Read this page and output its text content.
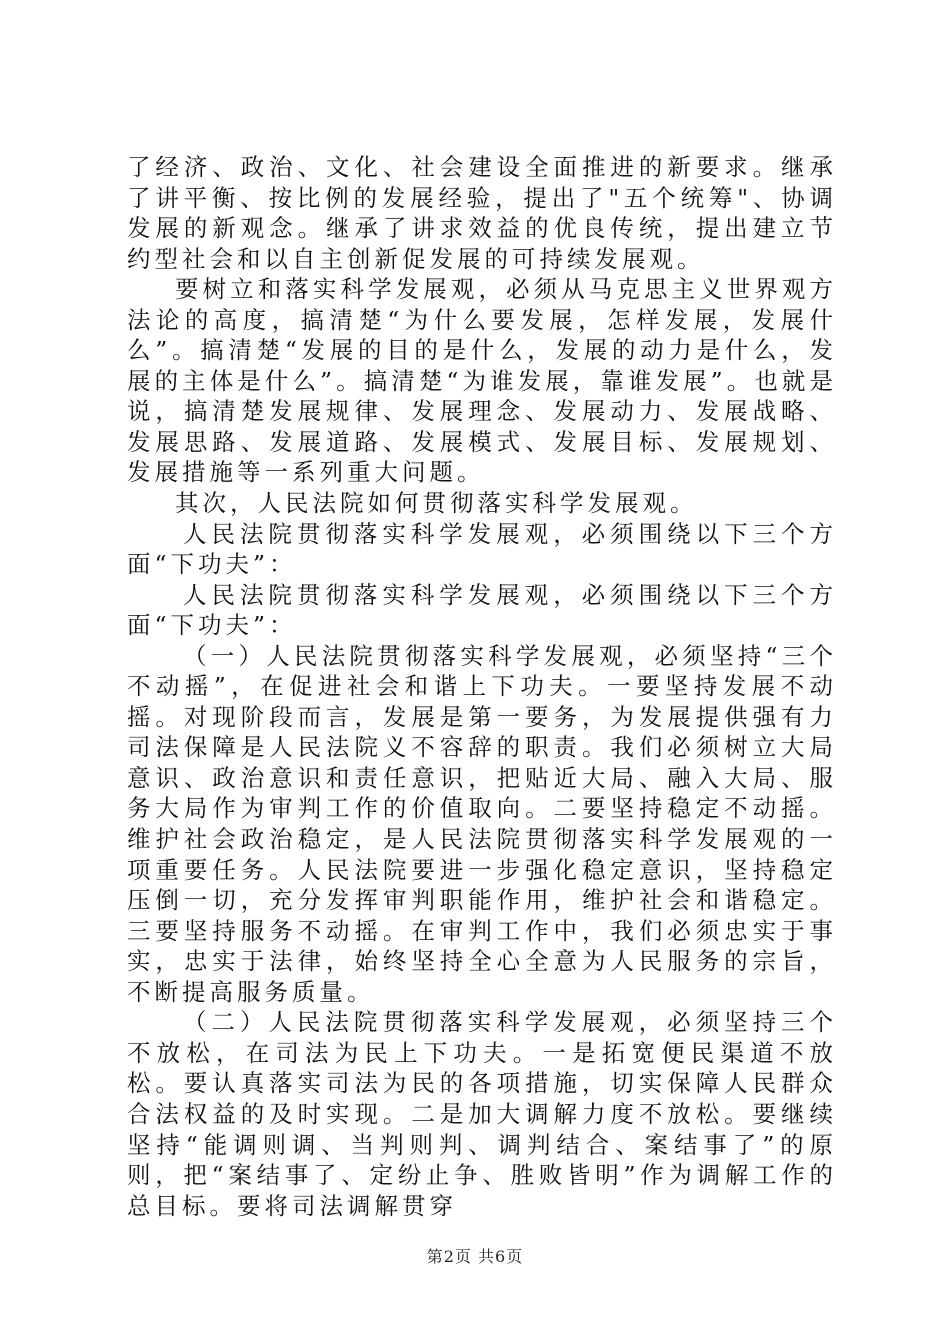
了经济、政治、文化、社会建设全面推进的新要求。继承了讲平衡、按比例的发展经验，提出了"五个统筹"、协调发展的新观念。继承了讲求效益的优良传统，提出建立节约型社会和以自主创新促发展的可持续发展观。

要树立和落实科学发展观，必须从马克思主义世界观方法论的高度，搞清楚“为什么要发展，怎样发展，发展什么”。搞清楚“发展的目的是什么，发展的动力是什么，发展的主体是什么”。搞清楚“为谁发展，靠谁发展”。也就是说，搞清楚发展规律、发展理念、发展动力、发展战略、发展思路、发展道路、发展模式、发展目标、发展规划、发展措施等一系列重大问题。

其次，人民法院如何贯彻落实科学发展观。

人民法院贯彻落实科学发展观，必须围绕以下三个方面“下功夫”：

人民法院贯彻落实科学发展观，必须围绕以下三个方面“下功夫”：

（一）人民法院贯彻落实科学发展观，必须坚持“三个不动摇”，在促进社会和谐上下功夫。一要坚持发展不动摇。对现阶段而言，发展是第一要务，为发展提供强有力司法保障是人民法院义不容辞的职责。我们必须树立大局意识、政治意识和责任意识，把贴近大局、融入大局、服务大局作为审判工作的价值取向。二要坚持稳定不动摇。维护社会政治稳定，是人民法院贯彻落实科学发展观的一项重要任务。人民法院要进一步强化稳定意识，坚持稳定压倒一切，充分发挥审判职能作用，维护社会和谐稳定。三要坚持服务不动摇。在审判工作中，我们必须忠实于事实，忠实于法律，始终坚持全心全意为人民服务的宗旨，不断提高服务质量。

（二）人民法院贯彻落实科学发展观，必须坚持三个不放松，在司法为民上下功夫。一是拓宽便民渠道不放松。要认真落实司法为民的各项措施，切实保障人民群众合法权益的及时实现。二是加大调解力度不放松。要继续坚持“能调则调、当判则判、调判结合、案结事了”的原则，把“案结事了、定纷止争、胜败皆明”作为调解工作的总目标。要将司法调解贯穿

第2页 共6页
